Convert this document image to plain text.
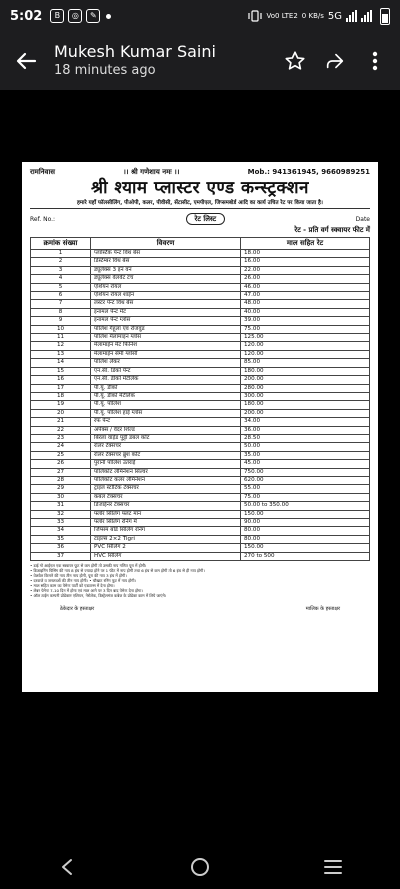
5:02	B	◎	✎	Vo0 LTE2 0 KB/s 5G
Mukesh Kumar Saini
18 minutes ago
रामनिवास	।। श्री गणेशाय नमः ।।	Mob.: 941361945, 9660989251
श्री श्याम प्लास्टर एण्ड कन्स्ट्रक्शन
हमारे यहाँ फॉलसीलिंग, पीओपी, कलर, पीवीसी, सेंटासीट, एमपीएल, जिप्समबोर्ड आदि का कार्य उचित रेट पर किया जाता है।
Ref. No.:	रेट लिस्ट	Date
रेट - प्रति वर्ग स्क्वायर फीट में
क्रमांक संख्या	विवरण	माल सहित रेट
1	प्लास्टिक पेन्ट विथ बेस	18.00
2	डिस्टेम्बर विथ बेस	16.00
3	ड्यूलेक्स 3 इन वन	22.00
4	ड्यूलेक्स वेलवेट टच	26.00
5	एशियन रॉयल	46.00
6	एशियन रॉयल शाईन	47.00
7	लस्टर पेन्ट विथ बेस	48.00
8	इनामल पेन्ट मेट	40.00
9	इनामल पेन्ट ग्लोस	39.00
10	पॉलिश गेहूला एवं रोजवुड	75.00
11	पॉलिश मेलामाइन ग्लोस	125.00
12	मेलामाईन मेट फिनिश	120.00
13	मेलामाईन सेमी ग्लोसी	120.00
14	पॉलिश लेकर	85.00
15	एन.सी. डिको पेन्ट	180.00
16	एन.सी. डीको मेटेलिक	200.00
17	पी.यू. डीको	280.00
18	पी.यू. डीको मेटेलिक	300.00
19	पी.यू. पॉलिश	180.00
20	पी.यू. पॉलिश हाई ग्लोस	200.00
21	रफ पेन्ट	34.00
22	अपेक्स / वेदर शिल्ड	36.00
23	बिरला वाईड पुट्टी डबल कोट	28.50
24	रोलर टेक्सचर	50.00
25	रोलर टेक्सचर ब्रुश कोट	35.00
26	पुरानी पॉलिश उतराई	45.00
27	पॉलिकोट लेमिनेशन सिल्वर	750.00
28	पॉलिकोट कलर लेमिनेशन	620.00
29	ट्राइल स्टोटिक टेक्सचर	55.00
30	कबल टेक्सचर	75.00
31	डिजाईनर टेक्सचर	50.00 to 350.00
32	फ्लोर सिलिंग फ्लट मान	150.00
33	फ्लोर सिलिंग रनिंग में	90.00
34	जिप्सम बोर्ड सिलिंग रनिंग	80.00
35	टाइल्स 2×2 Tigri	80.00
36	PVC सिलिंग 2	150.00
37	HVC सिलिंग	270 to 500
• डाई गो आईएल एक स्क्वायर फूट से कम होगी तो उसकी नाप गणित पूरा में होगी।
• डिजाइनिंग पिसिंग की नाप 8 इंच से ज्यादा होने पर 1 फीट में नाप होगी तथा 6 इंच से कम होगी तो 6 इंच से ही नाप होगी।
• वेलवेल किनारे की नाप तीन नाप होगी, पूरा की नाप 3 इंच में होगी।
• दरवाजे व जनलाओं की तीन नाप होगी। • चौखाट रनिंग फूट में नाप होगी।
• माल सहित काम का पेमेन्ट पार्टी को एडवान्स में देना होगा।
• लेबर पेमेन्ट 7-10 दिन में होगा एवं माल आने पर 3 दिन बाद पेमेन्ट देना होगा।
• ऑल टाईम कम्पनी प्रोडेक्टर एशियन, नेरोलेक, डिस्ट्रेलमंज कबेज के प्रोडेक्ट काम में लिये जाएंगे।
ठेकेदार के हस्ताक्षर	मालिक के हस्ताक्षर
